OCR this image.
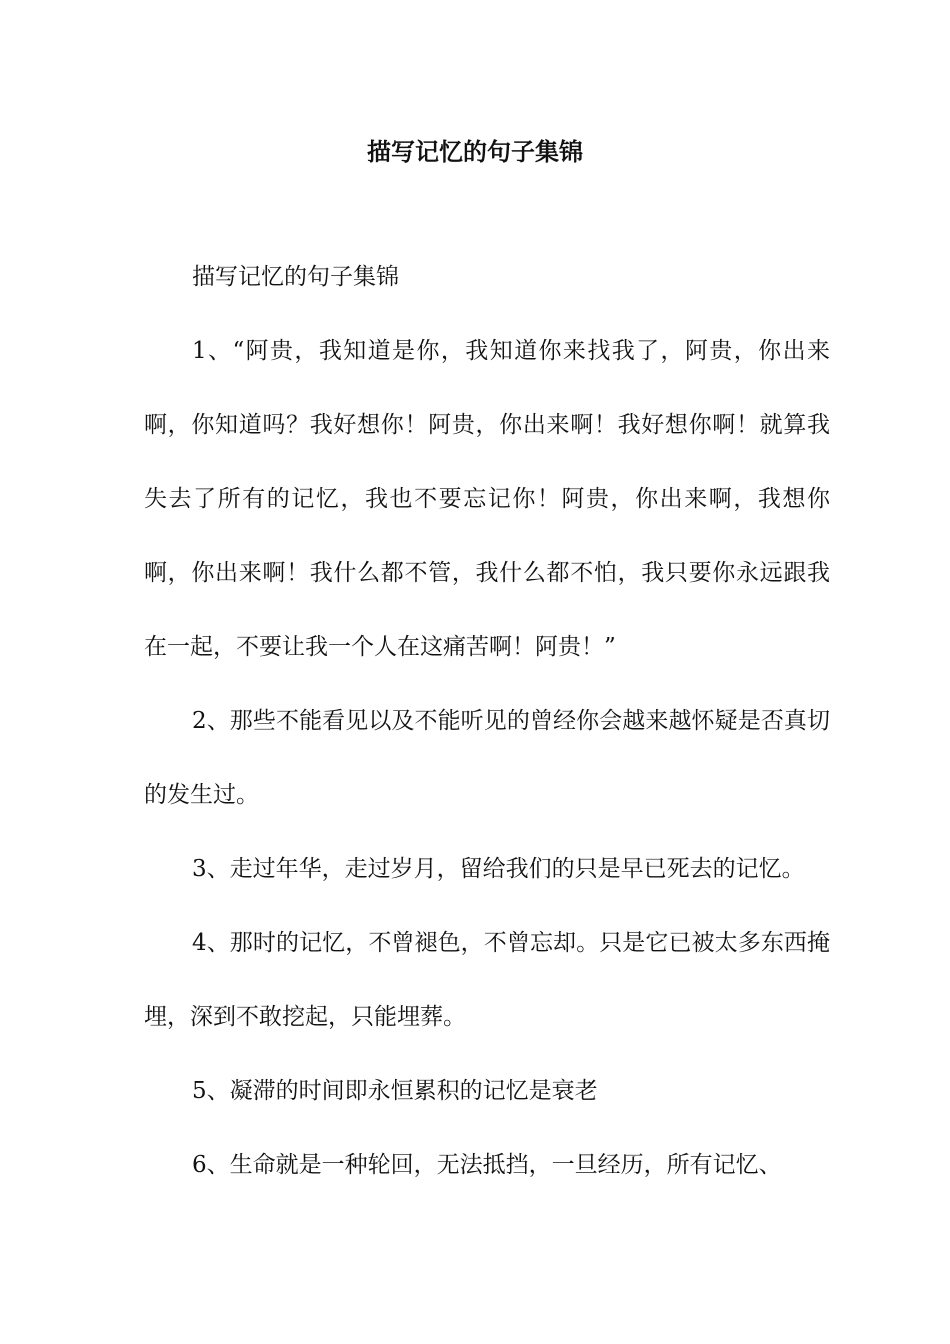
描写记忆的句子集锦

描写记忆的句子集锦

1、“阿贵，我知道是你，我知道你来找我了，阿贵，你出来啊，你知道吗？我好想你！阿贵，你出来啊！我好想你啊！就算我失去了所有的记忆，我也不要忘记你！阿贵，你出来啊，我想你啊，你出来啊！我什么都不管，我什么都不怕，我只要你永远跟我在一起，不要让我一个人在这痛苦啊！阿贵！”

2、那些不能看见以及不能听见的曾经你会越来越怀疑是否真切的发生过。

3、走过年华，走过岁月，留给我们的只是早已死去的记忆。

4、那时的记忆，不曾褪色，不曾忘却。只是它已被太多东西掩埋，深到不敢挖起，只能埋葬。

5、凝滞的时间即永恒累积的记忆是衰老

6、生命就是一种轮回，无法抵挡，一旦经历，所有记忆、
